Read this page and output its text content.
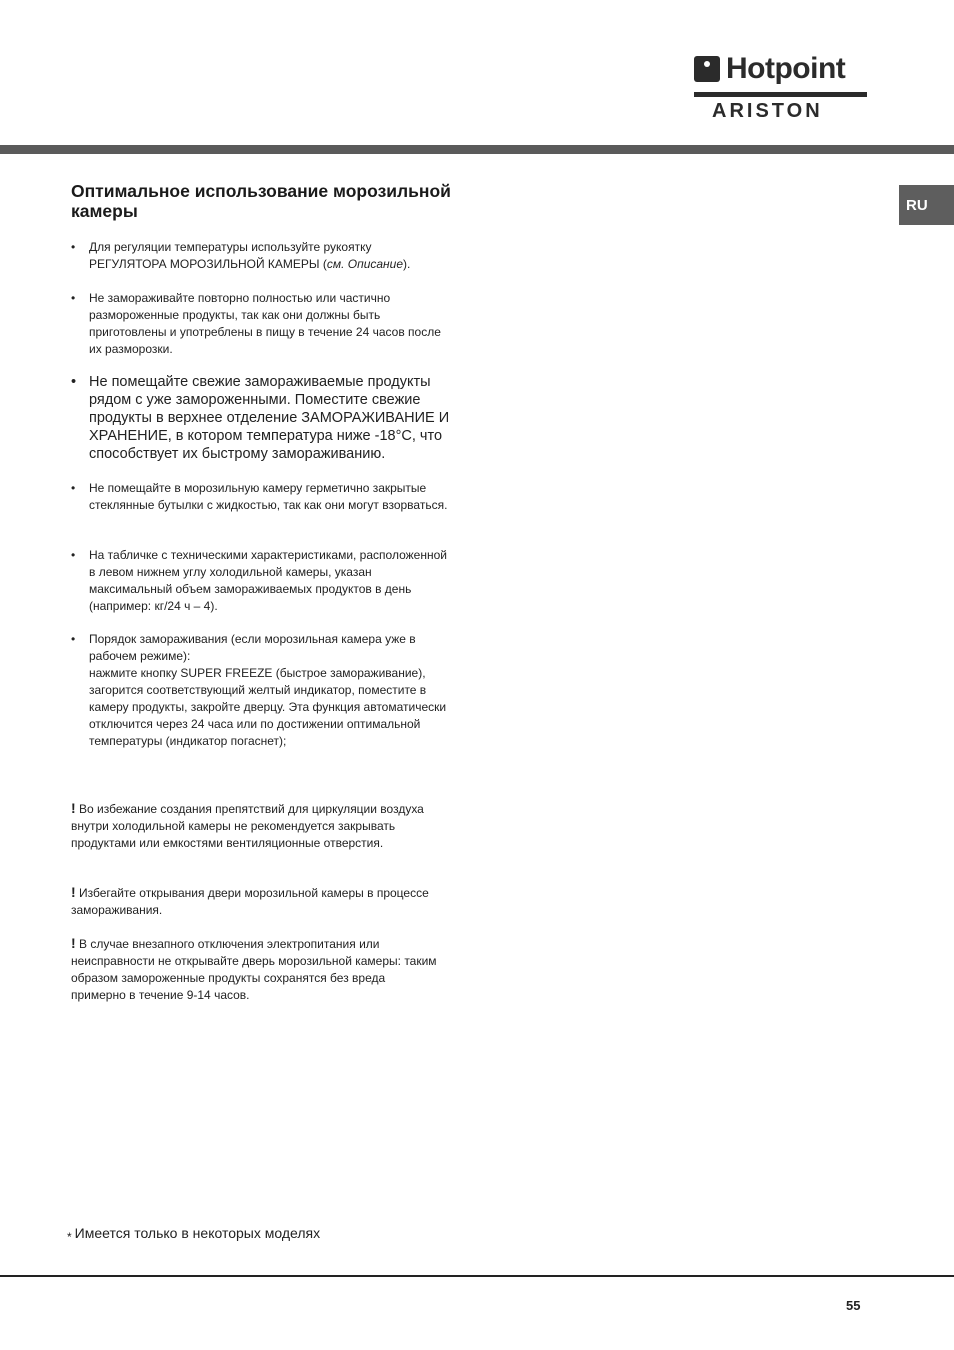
Hotpoint
ARISTON
RU
Оптимальное использование морозильной камеры
• Для регуляции температуры используйте рукоятку
РЕГУЛЯТОРА МОРОЗИЛЬНОЙ КАМЕРЫ (см. Описание).
• Не замораживайте повторно полностью или частично размороженные продукты, так как они должны быть приготовлены и употреблены в пищу в течение 24 часов после их разморозки.
• Не помещайте свежие замораживаемые продукты рядом с уже замороженными. Поместите свежие продукты в верхнее отделение ЗАМОРАЖИВАНИЕ И ХРАНЕНИЕ, в котором температура ниже -18°C, что способствует их быстрому замораживанию.
• Не помещайте в морозильную камеру герметично закрытые стеклянные бутылки с жидкостью, так как они могут взорваться.
• На табличке с техническими характеристиками, расположенной в левом нижнем углу холодильной камеры, указан максимальный объем замораживаемых продуктов в день (например: кг/24 ч – 4).
• Порядок замораживания (если морозильная камера уже в рабочем режиме):
нажмите кнопку SUPER FREEZE (быстрое замораживание), загорится соответствующий желтый индикатор, поместите в камеру продукты, закройте дверцу. Эта функция автоматически отключится через 24 часа или по достижении оптимальной температуры (индикатор погаснет);
! Во избежание создания препятствий для циркуляции воздуха внутри холодильной камеры не рекомендуется закрывать продуктами или емкостями вентиляционные отверстия.
! Избегайте открывания двери морозильной камеры в процессе замораживания.
! В случае внезапного отключения электропитания или неисправности не открывайте дверь морозильной камеры: таким образом замороженные продукты сохранятся без вреда примерно в течение 9-14 часов.
* Имеется только в некоторых моделях
55
